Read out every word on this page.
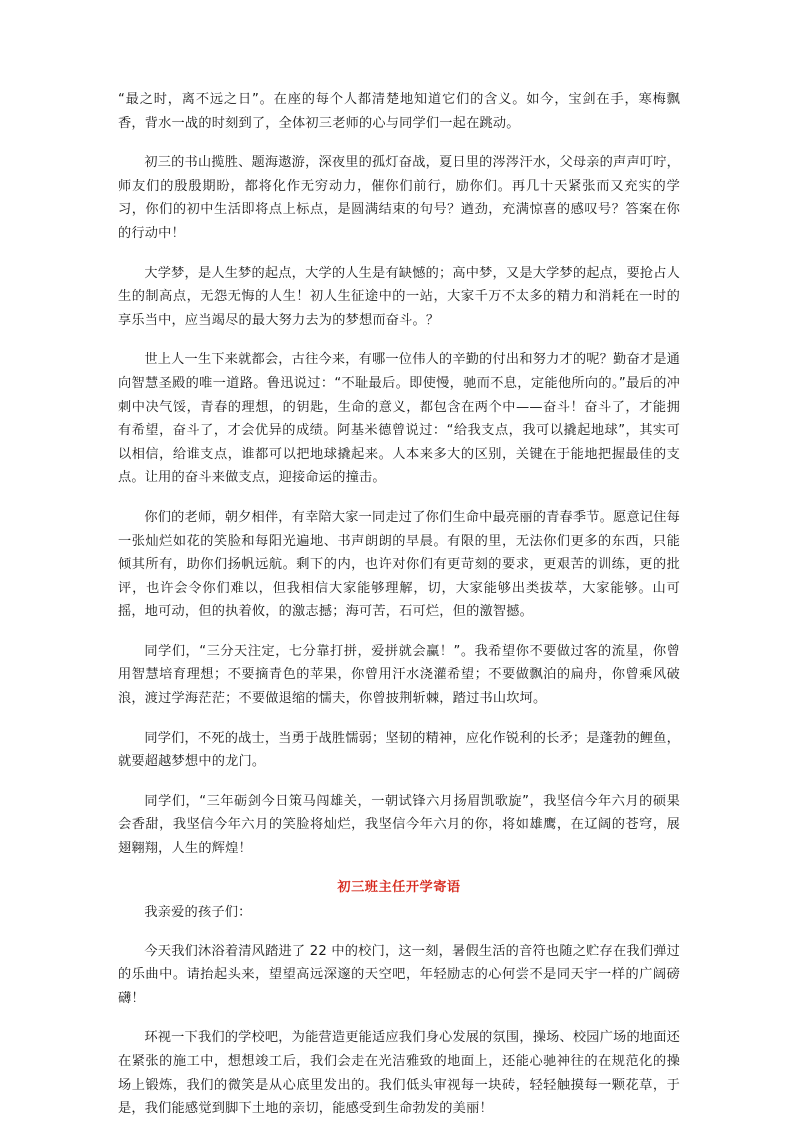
“最之时，离不远之日”。在座的每个人都清楚地知道它们的含义。如今，宝剑在手，寒梅飘香，背水一战的时刻到了，全体初三老师的心与同学们一起在跳动。

初三的书山揽胜、题海遨游，深夜里的孤灯奋战，夏日里的涔涔汗水，父母亲的声声叮咛，师友们的殷殷期盼，都将化作无穷动力，催你们前行，励你们。再几十天紧张而又充实的学习，你们的初中生活即将点上标点，是圆满结束的句号？遒劲，充满惊喜的感叹号？答案在你的行动中！

大学梦，是人生梦的起点，大学的人生是有缺憾的；高中梦，又是大学梦的起点，要抢占人生的制高点，无怨无悔的人生！初人生征途中的一站，大家千万不太多的精力和消耗在一时的享乐当中，应当竭尽的最大努力去为的梦想而奋斗。？

世上人一生下来就都会，古往今来，有哪一位伟人的辛勤的付出和努力才的呢？勤奋才是通向智慧圣殿的唯一道路。鲁迅说过：“不耻最后。即使慢，驰而不息，定能他所向的。”最后的冲刺中决气馁，青春的理想，的钥匙，生命的意义，都包含在两个中——奋斗！奋斗了，才能拥有希望，奋斗了，才会优异的成绩。阿基米德曾说过：“给我支点，我可以撬起地球”，其实可以相信，给谁支点，谁都可以把地球撬起来。人本来多大的区别，关键在于能地把握最佳的支点。让用的奋斗来做支点，迎接命运的撞击。

你们的老师，朝夕相伴，有幸陪大家一同走过了你们生命中最亮丽的青春季节。愿意记住每一张灿烂如花的笑脸和每阳光遍地、书声朗朗的早晨。有限的里，无法你们更多的东西，只能倾其所有，助你们扬帆远航。剩下的内，也许对你们有更苛刻的要求，更艰苦的训练，更的批评，也许会令你们难以，但我相信大家能够理解，切，大家能够出类拔萃，大家能够。山可摇，地可动，但的执着攸，的激志撼；海可苦，石可烂，但的激智撼。

同学们，“三分天注定，七分靠打拼，爱拼就会赢！”。我希望你不要做过客的流星，你曾用智慧培育理想；不要摘青色的苹果，你曾用汗水浇灌希望；不要做飘泊的扁舟，你曾乘风破浪，渡过学海茫茫；不要做退缩的懦夫，你曾披荆斩棘，踏过书山坎坷。

同学们，不死的战士，当勇于战胜懦弱；坚韧的精神，应化作锐利的长矛；是蓬勃的鲤鱼，就要超越梦想中的龙门。

同学们，“三年砺剑今日策马闯雄关，一朝试锋六月扬眉凯歌旋”，我坚信今年六月的硕果会香甜，我坚信今年六月的笑脸将灿烂，我坚信今年六月的你，将如雄鹰，在辽阔的苍穹，展翅翱翔，人生的辉煌！

初三班主任开学寄语
我亲爱的孩子们：

今天我们沐浴着清风踏进了 22 中的校门，这一刻，暑假生活的音符也随之贮存在我们弹过的乐曲中。请抬起头来，望望高远深邃的天空吧，年轻励志的心何尝不是同天宇一样的广阔磅礴！

环视一下我们的学校吧，为能营造更能适应我们身心发展的氛围，操场、校园广场的地面还在紧张的施工中，想想竣工后，我们会走在光洁雅致的地面上，还能心驰神往的在规范化的操场上锻炼，我们的微笑是从心底里发出的。我们低头审视每一块砖，轻轻触摸每一颗花草，于是，我们能感觉到脚下土地的亲切，能感受到生命勃发的美丽！
